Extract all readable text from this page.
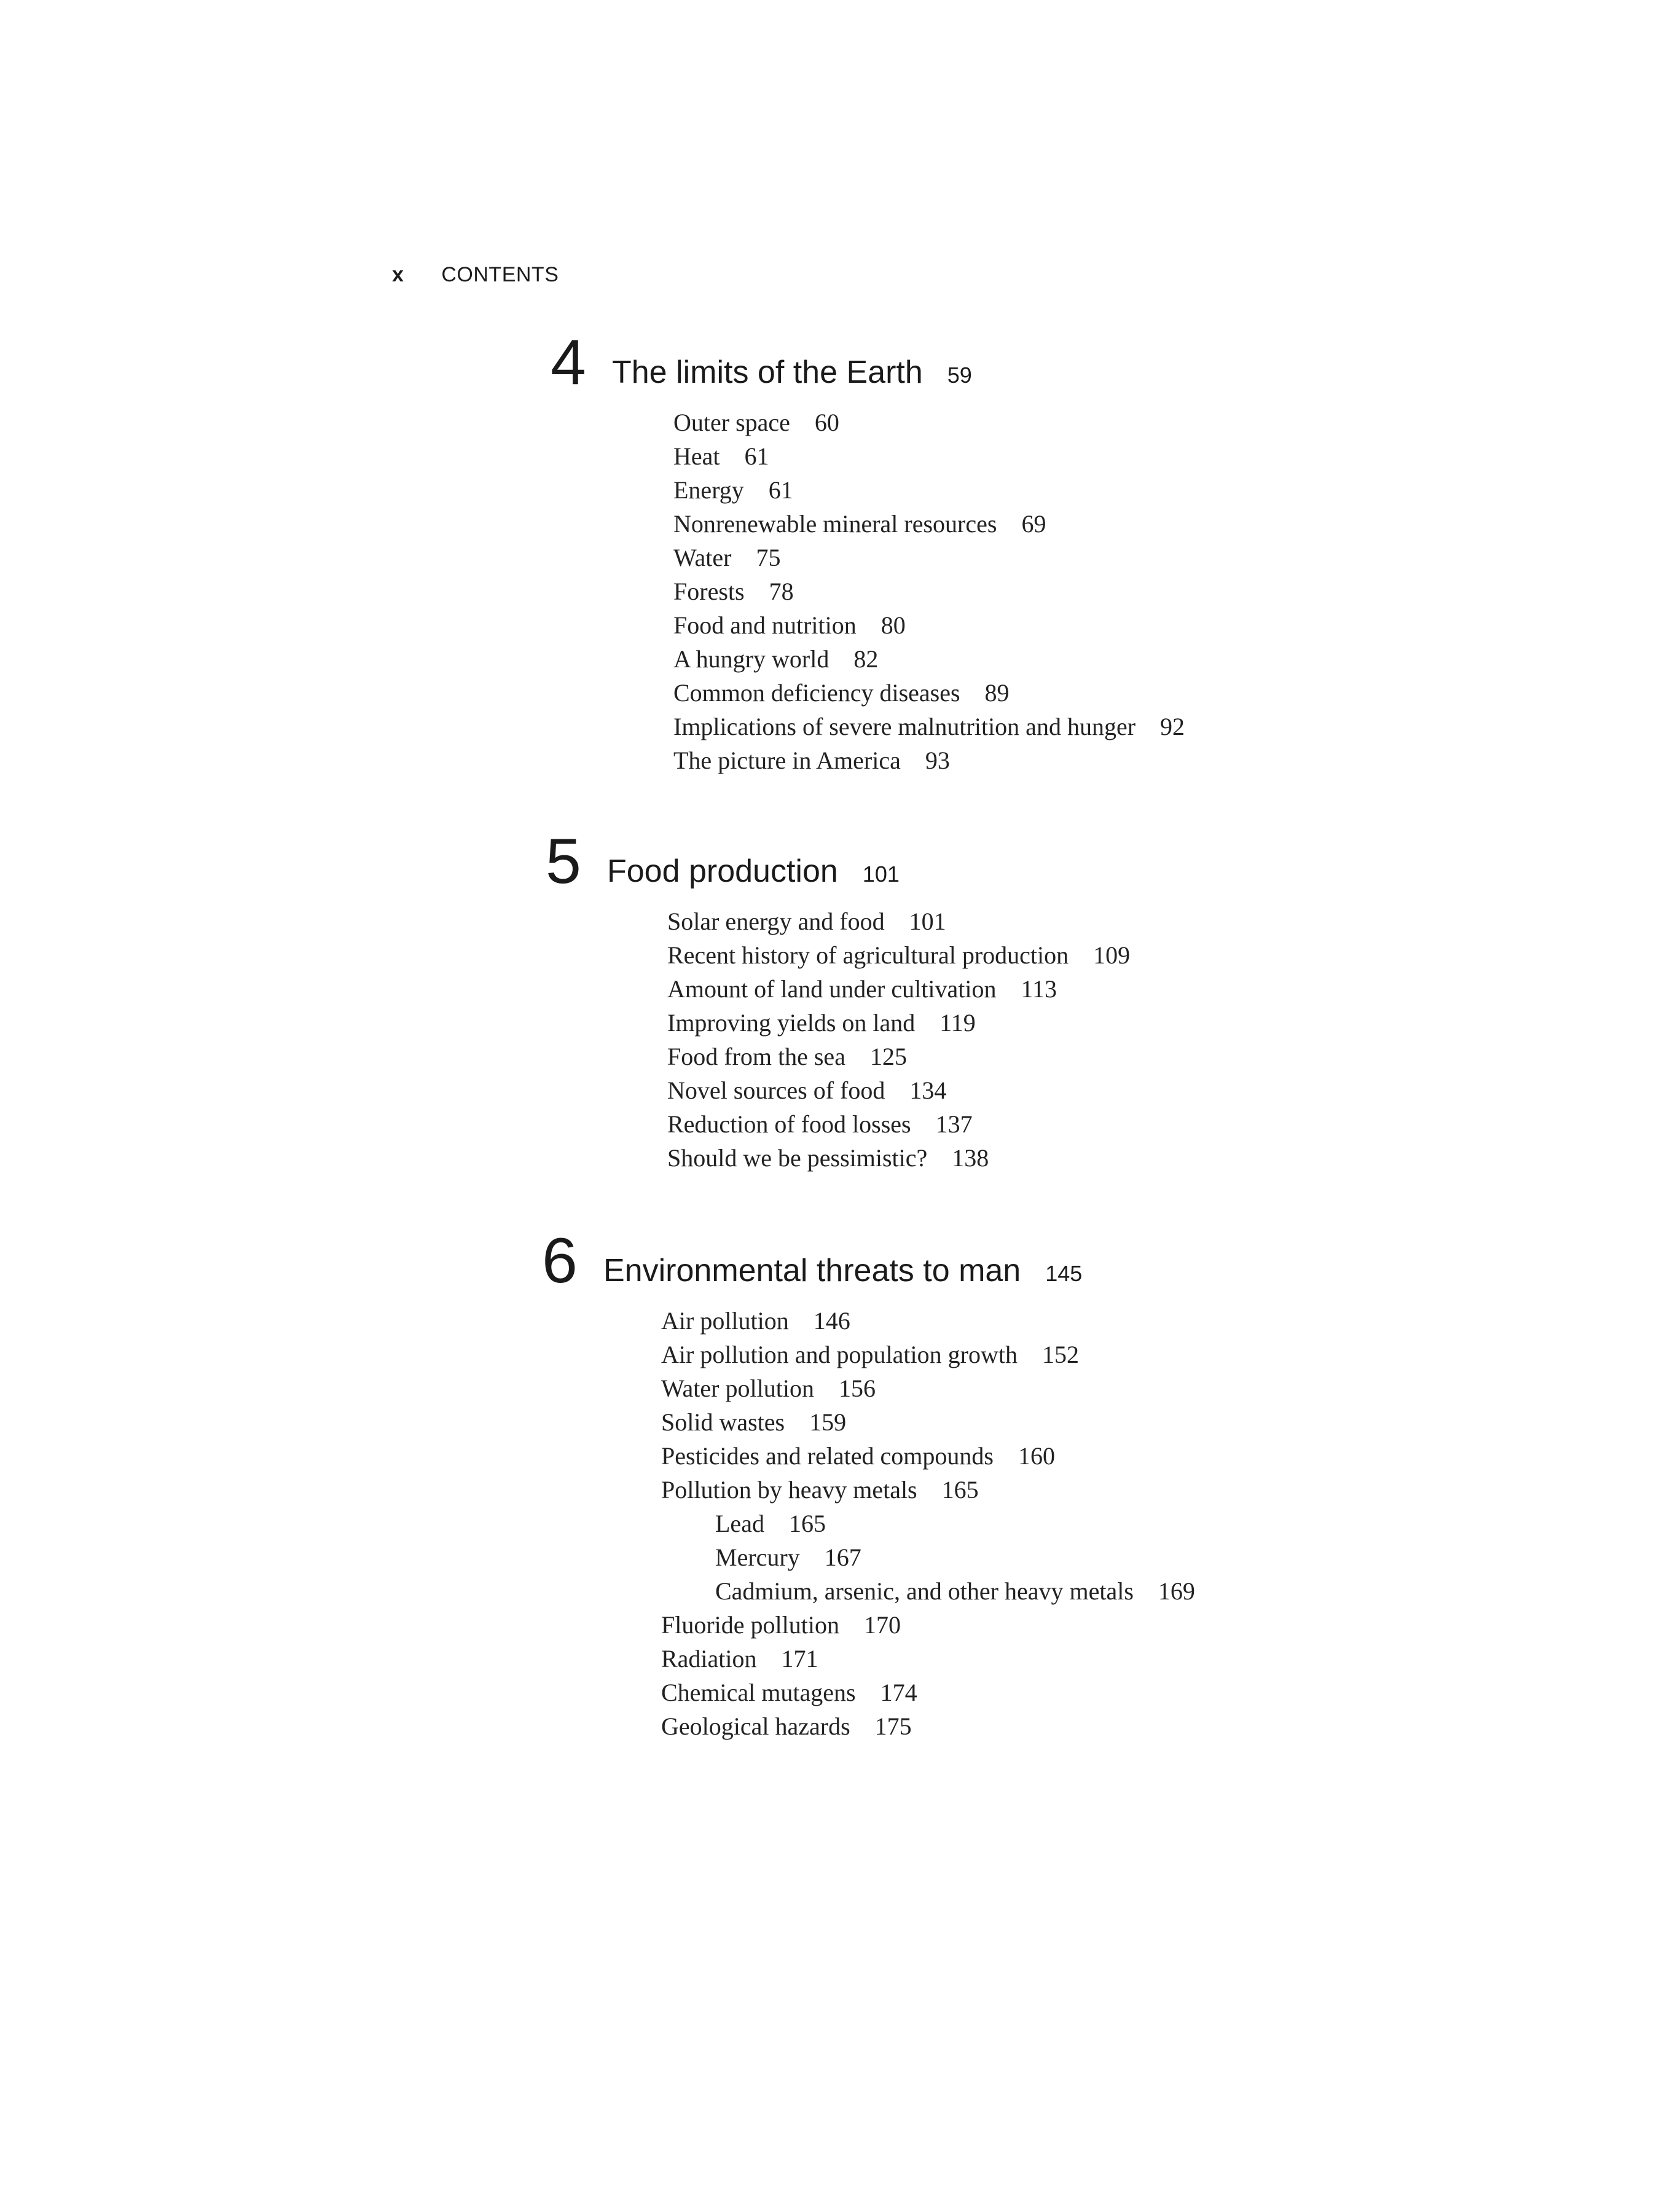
x CONTENTS
4 The limits of the Earth 59
Outer space 60
Heat 61
Energy 61
Nonrenewable mineral resources 69
Water 75
Forests 78
Food and nutrition 80
A hungry world 82
Common deficiency diseases 89
Implications of severe malnutrition and hunger 92
The picture in America 93
5 Food production 101
Solar energy and food 101
Recent history of agricultural production 109
Amount of land under cultivation 113
Improving yields on land 119
Food from the sea 125
Novel sources of food 134
Reduction of food losses 137
Should we be pessimistic? 138
6 Environmental threats to man 145
Air pollution 146
Air pollution and population growth 152
Water pollution 156
Solid wastes 159
Pesticides and related compounds 160
Pollution by heavy metals 165
Lead 165
Mercury 167
Cadmium, arsenic, and other heavy metals 169
Fluoride pollution 170
Radiation 171
Chemical mutagens 174
Geological hazards 175
